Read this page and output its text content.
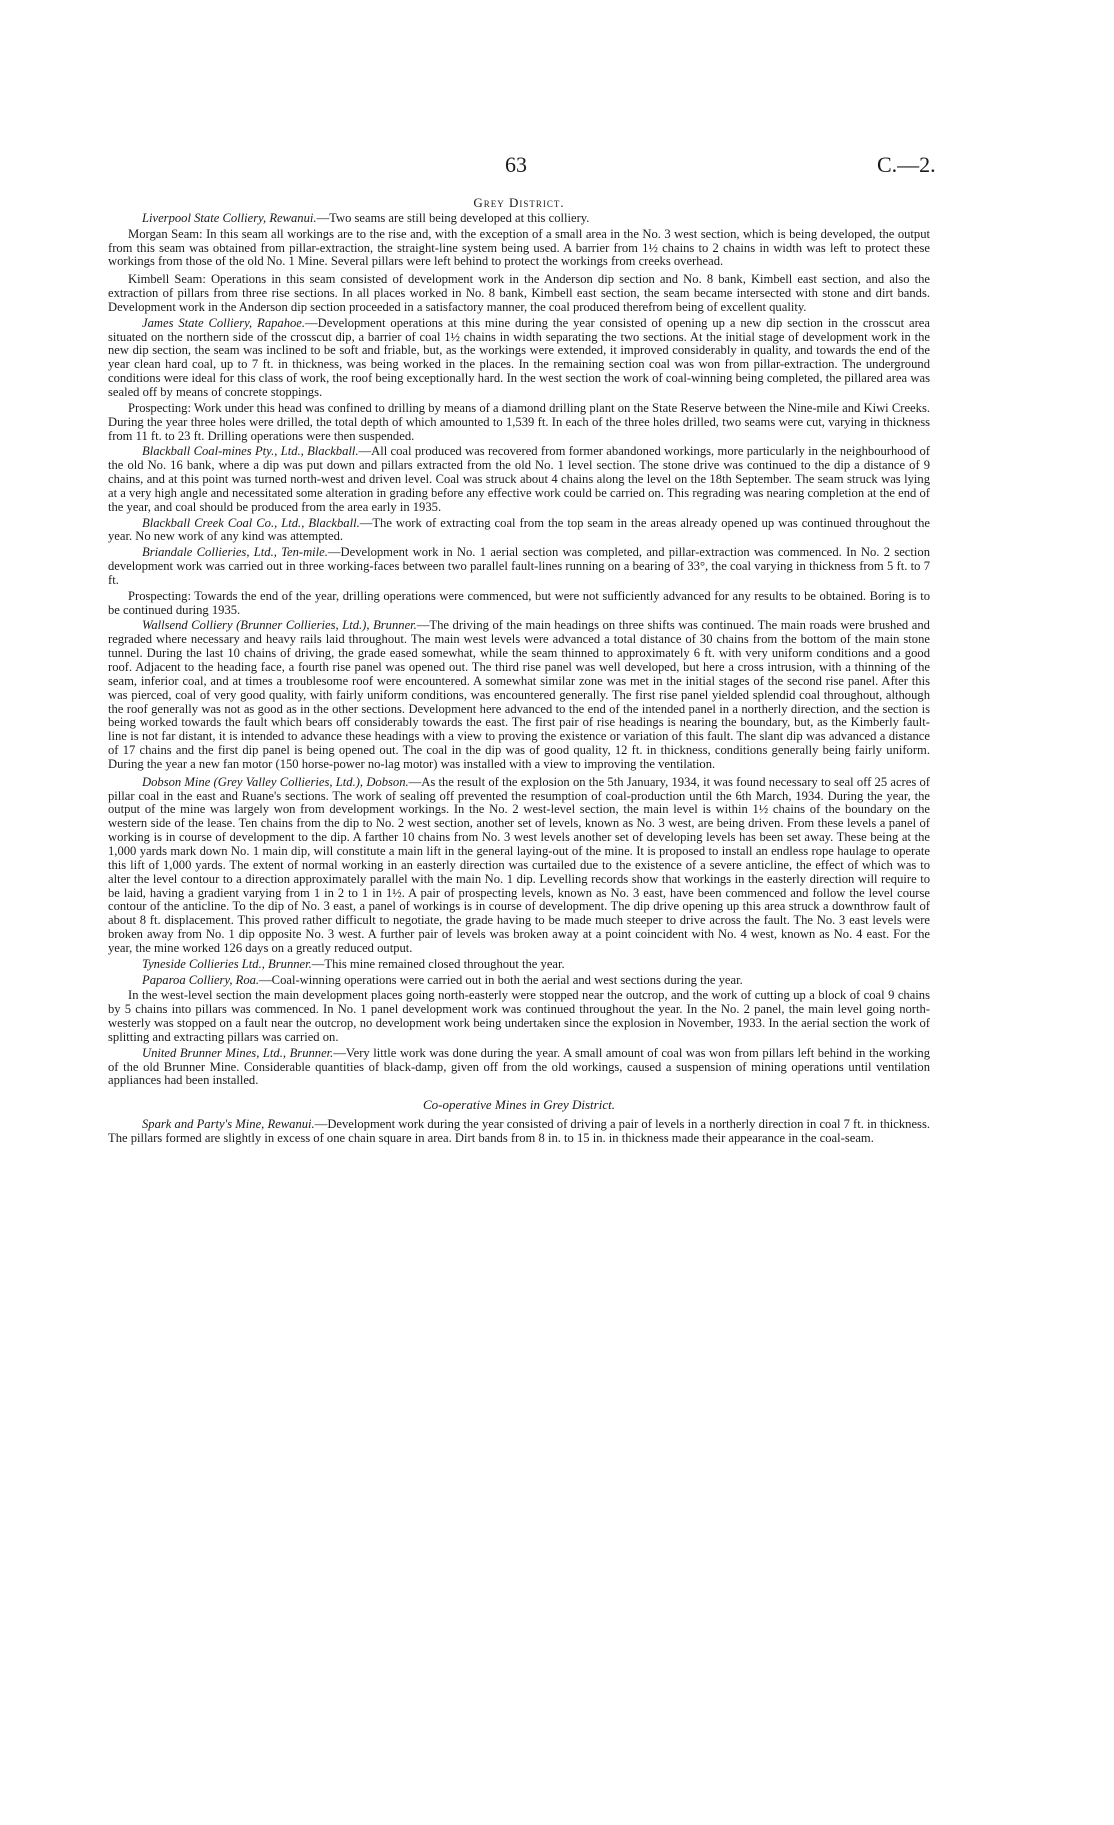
63	C.—2.

Grey District.

Liverpool State Colliery, Rewanui.—Two seams are still being developed at this colliery.

Morgan Seam: In this seam all workings are to the rise and, with the exception of a small area in the No. 3 west section, which is being developed, the output from this seam was obtained from pillar-extraction, the straight-line system being used. A barrier from 1½ chains to 2 chains in width was left to protect these workings from those of the old No. 1 Mine. Several pillars were left behind to protect the workings from creeks overhead.

Kimbell Seam: Operations in this seam consisted of development work in the Anderson dip section and No. 8 bank, Kimbell east section, and also the extraction of pillars from three rise sections. In all places worked in No. 8 bank, Kimbell east section, the seam became intersected with stone and dirt bands. Development work in the Anderson dip section proceeded in a satisfactory manner, the coal produced therefrom being of excellent quality.

James State Colliery, Rapahoe.—Development operations at this mine during the year consisted of opening up a new dip section in the crosscut area situated on the northern side of the crosscut dip, a barrier of coal 1½ chains in width separating the two sections. At the initial stage of development work in the new dip section, the seam was inclined to be soft and friable, but, as the workings were extended, it improved considerably in quality, and towards the end of the year clean hard coal, up to 7 ft. in thickness, was being worked in the places. In the remaining section coal was won from pillar-extraction. The underground conditions were ideal for this class of work, the roof being exceptionally hard. In the west section the work of coal-winning being completed, the pillared area was sealed off by means of concrete stoppings.

Prospecting: Work under this head was confined to drilling by means of a diamond drilling plant on the State Reserve between the Nine-mile and Kiwi Creeks. During the year three holes were drilled, the total depth of which amounted to 1,539 ft. In each of the three holes drilled, two seams were cut, varying in thickness from 11 ft. to 23 ft. Drilling operations were then suspended.

Blackball Coal-mines Pty., Ltd., Blackball.—All coal produced was recovered from former abandoned workings, more particularly in the neighbourhood of the old No. 16 bank, where a dip was put down and pillars extracted from the old No. 1 level section. The stone drive was continued to the dip a distance of 9 chains, and at this point was turned north-west and driven level. Coal was struck about 4 chains along the level on the 18th September. The seam struck was lying at a very high angle and necessitated some alteration in grading before any effective work could be carried on. This regrading was nearing completion at the end of the year, and coal should be produced from the area early in 1935.

Blackball Creek Coal Co., Ltd., Blackball.—The work of extracting coal from the top seam in the areas already opened up was continued throughout the year. No new work of any kind was attempted.

Briandale Collieries, Ltd., Ten-mile.—Development work in No. 1 aerial section was completed, and pillar-extraction was commenced. In No. 2 section development work was carried out in three working-faces between two parallel fault-lines running on a bearing of 33°, the coal varying in thickness from 5 ft. to 7 ft.

Prospecting: Towards the end of the year, drilling operations were commenced, but were not sufficiently advanced for any results to be obtained. Boring is to be continued during 1935.

Wallsend Colliery (Brunner Collieries, Ltd.), Brunner.—The driving of the main headings on three shifts was continued. The main roads were brushed and regraded where necessary and heavy rails laid throughout. The main west levels were advanced a total distance of 30 chains from the bottom of the main stone tunnel. During the last 10 chains of driving, the grade eased somewhat, while the seam thinned to approximately 6 ft. with very uniform conditions and a good roof. Adjacent to the heading face, a fourth rise panel was opened out. The third rise panel was well developed, but here a cross intrusion, with a thinning of the seam, inferior coal, and at times a troublesome roof were encountered. A somewhat similar zone was met in the initial stages of the second rise panel. After this was pierced, coal of very good quality, with fairly uniform conditions, was encountered generally. The first rise panel yielded splendid coal throughout, although the roof generally was not as good as in the other sections. Development here advanced to the end of the intended panel in a northerly direction, and the section is being worked towards the fault which bears off considerably towards the east. The first pair of rise headings is nearing the boundary, but, as the Kimberly fault-line is not far distant, it is intended to advance these headings with a view to proving the existence or variation of this fault. The slant dip was advanced a distance of 17 chains and the first dip panel is being opened out. The coal in the dip was of good quality, 12 ft. in thickness, conditions generally being fairly uniform. During the year a new fan motor (150 horse-power no-lag motor) was installed with a view to improving the ventilation.

Dobson Mine (Grey Valley Collieries, Ltd.), Dobson.—As the result of the explosion on the 5th January, 1934, it was found necessary to seal off 25 acres of pillar coal in the east and Ruane's sections. The work of sealing off prevented the resumption of coal-production until the 6th March, 1934. During the year, the output of the mine was largely won from development workings. In the No. 2 west-level section, the main level is within 1½ chains of the boundary on the western side of the lease. Ten chains from the dip to No. 2 west section, another set of levels, known as No. 3 west, are being driven. From these levels a panel of working is in course of development to the dip. A farther 10 chains from No. 3 west levels another set of developing levels has been set away. These being at the 1,000 yards mark down No. 1 main dip, will constitute a main lift in the general laying-out of the mine. It is proposed to install an endless rope haulage to operate this lift of 1,000 yards. The extent of normal working in an easterly direction was curtailed due to the existence of a severe anticline, the effect of which was to alter the level contour to a direction approximately parallel with the main No. 1 dip. Levelling records show that workings in the easterly direction will require to be laid, having a gradient varying from 1 in 2 to 1 in 1½. A pair of prospecting levels, known as No. 3 east, have been commenced and follow the level course contour of the anticline. To the dip of No. 3 east, a panel of workings is in course of development. The dip drive opening up this area struck a downthrow fault of about 8 ft. displacement. This proved rather difficult to negotiate, the grade having to be made much steeper to drive across the fault. The No. 3 east levels were broken away from No. 1 dip opposite No. 3 west. A further pair of levels was broken away at a point coincident with No. 4 west, known as No. 4 east. For the year, the mine worked 126 days on a greatly reduced output.

Tyneside Collieries Ltd., Brunner.—This mine remained closed throughout the year.

Paparoa Colliery, Roa.—Coal-winning operations were carried out in both the aerial and west sections during the year.

In the west-level section the main development places going north-easterly were stopped near the outcrop, and the work of cutting up a block of coal 9 chains by 5 chains into pillars was commenced. In No. 1 panel development work was continued throughout the year. In the No. 2 panel, the main level going north-westerly was stopped on a fault near the outcrop, no development work being undertaken since the explosion in November, 1933. In the aerial section the work of splitting and extracting pillars was carried on.

United Brunner Mines, Ltd., Brunner.—Very little work was done during the year. A small amount of coal was won from pillars left behind in the working of the old Brunner Mine. Considerable quantities of black-damp, given off from the old workings, caused a suspension of mining operations until ventilation appliances had been installed.

Co-operative Mines in Grey District.

Spark and Party's Mine, Rewanui.—Development work during the year consisted of driving a pair of levels in a northerly direction in coal 7 ft. in thickness. The pillars formed are slightly in excess of one chain square in area. Dirt bands from 8 in. to 15 in. in thickness made their appearance in the coal-seam.
